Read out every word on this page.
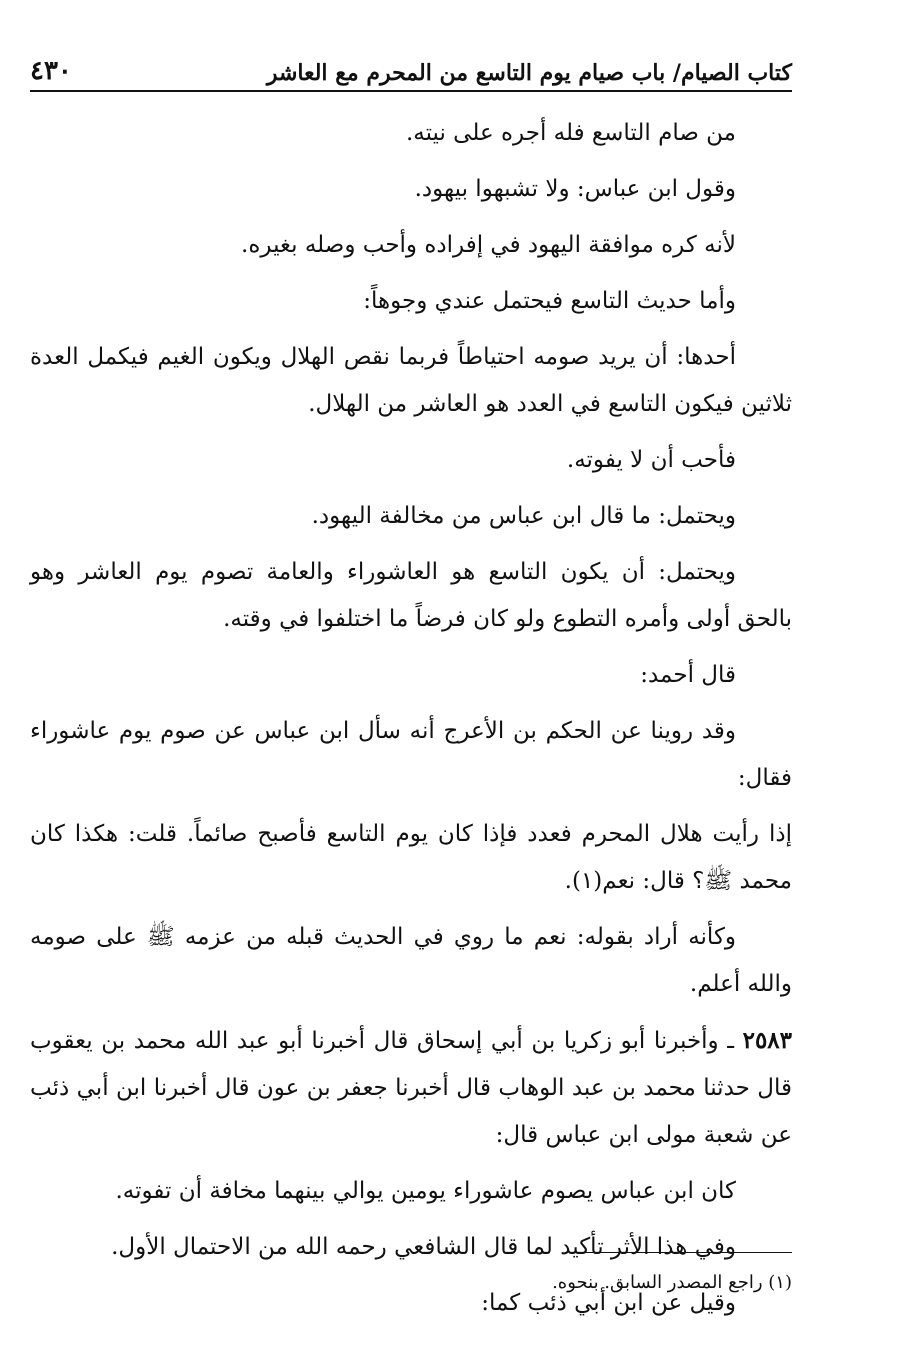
كتاب الصيام/ باب صيام يوم التاسع من المحرم مع العاشر
٤٣٠

من صام التاسع فله أجره على نيته.

وقول ابن عباس: ولا تشبهوا بيهود.

لأنه كره موافقة اليهود في إفراده وأحب وصله بغيره.

وأما حديث التاسع فيحتمل عندي وجوهاً:

أحدها: أن يريد صومه احتياطاً فربما نقص الهلال ويكون الغيم فيكمل العدة ثلاثين فيكون التاسع في العدد هو العاشر من الهلال.

فأحب أن لا يفوته.

ويحتمل: ما قال ابن عباس من مخالفة اليهود.

ويحتمل: أن يكون التاسع هو العاشوراء والعامة تصوم يوم العاشر وهو بالحق أولى وأمره التطوع ولو كان فرضاً ما اختلفوا في وقته.

قال أحمد:

وقد روينا عن الحكم بن الأعرج أنه سأل ابن عباس عن صوم يوم عاشوراء فقال:

إذا رأيت هلال المحرم فعدد فإذا كان يوم التاسع فأصبح صائماً. قلت: هكذا كان محمد ﷺ؟ قال: نعم(١).

وكأنه أراد بقوله: نعم ما روي في الحديث قبله من عزمه ﷺ على صومه والله أعلم.

٢٥٨٣ ـ وأخبرنا أبو زكريا بن أبي إسحاق قال أخبرنا أبو عبد الله محمد بن يعقوب قال حدثنا محمد بن عبد الوهاب قال أخبرنا جعفر بن عون قال أخبرنا ابن أبي ذئب عن شعبة مولى ابن عباس قال:

كان ابن عباس يصوم عاشوراء يومين يوالي بينهما مخافة أن تفوته.

وفي هذا الأثر تأكيد لما قال الشافعي رحمه الله من الاحتمال الأول.

وقيل عن ابن أبي ذئب كما:

(١) راجع المصدر السابق. بنحوه.
